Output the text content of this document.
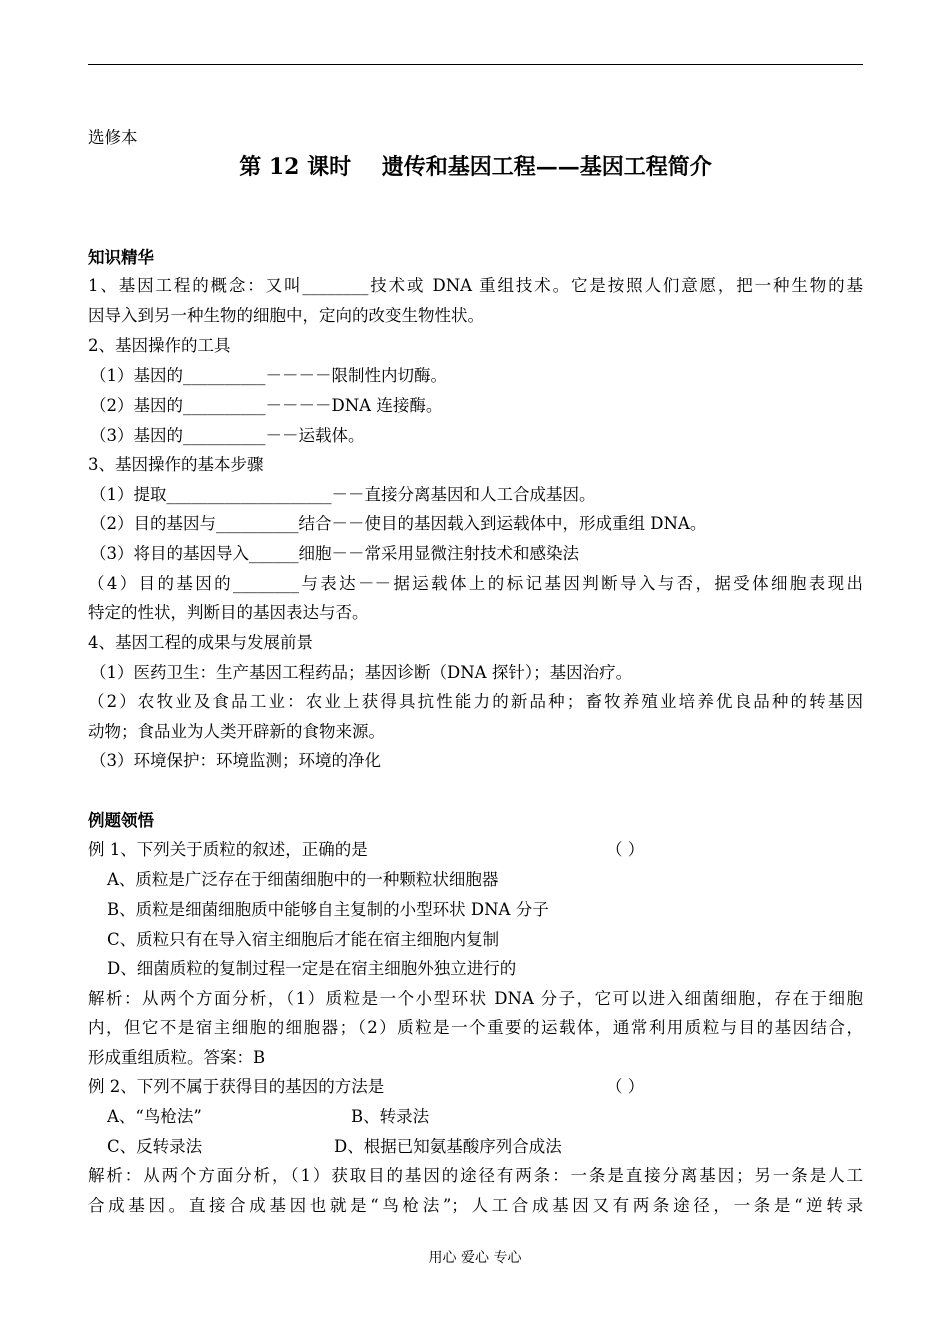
选修本
第 12 课时    遗传和基因工程——基因工程简介
知识精华
1、基因工程的概念：又叫________技术或 DNA 重组技术。它是按照人们意愿，把一种生物的基
因导入到另一种生物的细胞中，定向的改变生物性状。
2、基因操作的工具
（1）基因的__________－－－－限制性内切酶。
（2）基因的__________－－－－DNA 连接酶。
（3）基因的__________－－运载体。
3、基因操作的基本步骤
（1）提取____________________－－直接分离基因和人工合成基因。
（2）目的基因与__________结合－－使目的基因载入到运载体中，形成重组 DNA。
（3）将目的基因导入______细胞－－常采用显微注射技术和感染法
（4）目的基因的________与表达－－据运载体上的标记基因判断导入与否，据受体细胞表现出
特定的性状，判断目的基因表达与否。
4、基因工程的成果与发展前景
（1）医药卫生：生产基因工程药品；基因诊断（DNA 探针）；基因治疗。
（2）农牧业及食品工业：农业上获得具抗性能力的新品种；畜牧养殖业培养优良品种的转基因
动物；食品业为人类开辟新的食物来源。
（3）环境保护：环境监测；环境的净化
例题领悟
例 1、下列关于质粒的叙述，正确的是	（ ）
A、质粒是广泛存在于细菌细胞中的一种颗粒状细胞器
B、质粒是细菌细胞质中能够自主复制的小型环状 DNA 分子
C、质粒只有在导入宿主细胞后才能在宿主细胞内复制
D、细菌质粒的复制过程一定是在宿主细胞外独立进行的
解析：从两个方面分析，（1）质粒是一个小型环状 DNA 分子，它可以进入细菌细胞，存在于细胞
内，但它不是宿主细胞的细胞器；（2）质粒是一个重要的运载体，通常利用质粒与目的基因结合，
形成重组质粒。答案：B
例 2、下列不属于获得目的基因的方法是	（ ）
A、“鸟枪法”	B、转录法
C、反转录法	D、根据已知氨基酸序列合成法
解析：从两个方面分析，（1）获取目的基因的途径有两条：一条是直接分离基因；另一条是人工
合成基因。直接合成基因也就是“鸟枪法”；人工合成基因又有两条途径，一条是“逆转录
用心 爱心 专心
